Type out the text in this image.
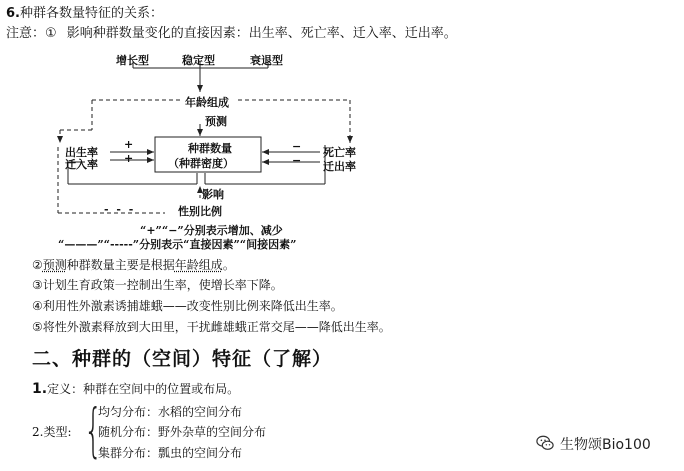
6.种群各数量特征的关系：
注意：① 影响种群数量变化的直接因素：出生率、死亡率、迁入率、迁出率。
增长型	稳定型	衰退型
年龄组成
预测
种群数量
（种群密度）
出生率
迁入率
+
+
−
−
死亡率
迁出率
影响
性别比例
- - -
“+”“−”分别表示增加、减少
“———”“-----”分别表示“直接因素”“间接因素”
②预测种群数量主要是根据年龄组成。
③计划生育政策一控制出生率，使增长率下降。
④利用性外激素诱捕雄蛾——改变性别比例来降低出生率。
⑤将性外激素释放到大田里，干扰雌雄蛾正常交尾——降低出生率。
二、种群的（空间）特征（了解）
1.定义：种群在空间中的位置或布局。
2.类型: {
均匀分布：水稻的空间分布
随机分布：野外杂草的空间分布
集群分布：瓢虫的空间分布	生物颂Bio100
